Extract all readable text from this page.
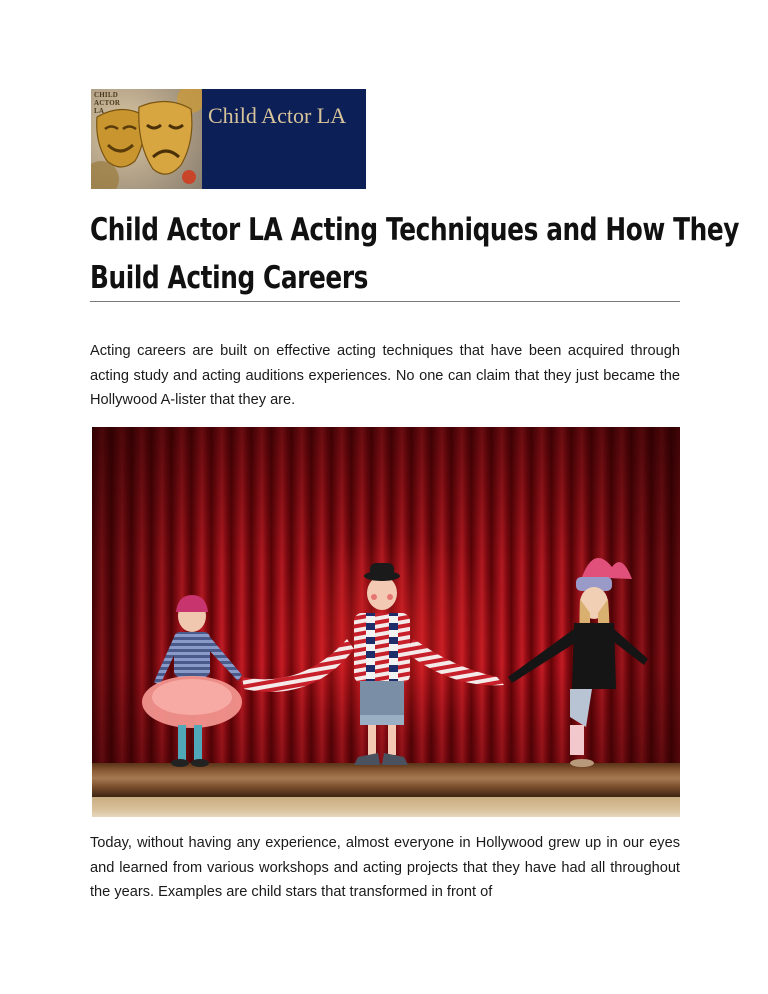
CHILD
ACTOR
LA	Child Actor LA
Child Actor LA Acting Techniques and How They
Build Acting Careers

Acting careers are built on effective acting techniques that have been acquired through acting study and acting auditions experiences. No one can claim that they just became the Hollywood A-lister that they are.

Today, without having any experience, almost everyone in Hollywood grew up in our eyes and learned from various workshops and acting projects that they have had all throughout the years. Examples are child stars that transformed in front of
